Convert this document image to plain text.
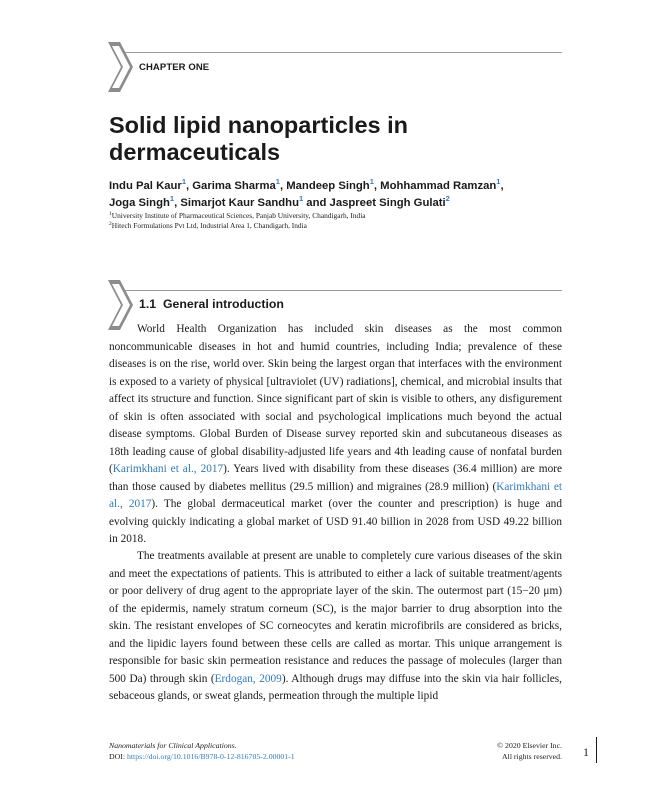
CHAPTER ONE
Solid lipid nanoparticles in
dermaceuticals
Indu Pal Kaur$^1$, Garima Sharma$^1$, Mandeep Singh$^1$, Mohhammad Ramzan$^1$,
Joga Singh$^1$, Simarjot Kaur Sandhu$^1$ and Jaspreet Singh Gulati$^2$
$^1$University Institute of Pharmaceutical Sciences, Panjab University, Chandigarh, India
$^2$Hitech Formulations Pvt Ltd, Industrial Area 1, Chandigarh, India
1.1 General introduction

World Health Organization has included skin diseases as the most common noncommunicable diseases in hot and humid countries, including India; prevalence of these diseases is on the rise, world over. Skin being the largest organ that interfaces with the environment is exposed to a variety of physical [ultraviolet (UV) radiations], chemical, and microbial insults that affect its structure and function. Since significant part of skin is visible to others, any disfigurement of skin is often associated with social and psychological implications much beyond the actual disease symptoms. Global Burden of Disease survey reported skin and subcutaneous diseases as 18th leading cause of global disability-adjusted life years and 4th leading cause of nonfatal burden (Karimkhani et al., 2017). Years lived with disability from these diseases (36.4 million) are more than those caused by diabetes mellitus (29.5 million) and migraines (28.9 million) (Karimkhani et al., 2017). The global dermaceutical market (over the counter and prescription) is huge and evolving quickly indicating a global market of USD 91.40 billion in 2028 from USD 49.22 billion in 2018.

The treatments available at present are unable to completely cure various diseases of the skin and meet the expectations of patients. This is attributed to either a lack of suitable treatment/agents or poor delivery of drug agent to the appropriate layer of the skin. The outermost part (15−20 μm) of the epidermis, namely stratum corneum (SC), is the major barrier to drug absorption into the skin. The resistant envelopes of SC corneocytes and keratin microfibrils are considered as bricks, and the lipidic layers found between these cells are called as mortar. This unique arrangement is responsible for basic skin permeation resistance and reduces the passage of molecules (larger than 500 Da) through skin (Erdogan, 2009). Although drugs may diffuse into the skin via hair follicles, sebaceous glands, or sweat glands, permeation through the multiple lipid

Nanomaterials for Clinical Applications.
DOI: https://doi.org/10.1016/B978-0-12-816705-2.00001-1
© 2020 Elsevier Inc.
All rights reserved. 1
